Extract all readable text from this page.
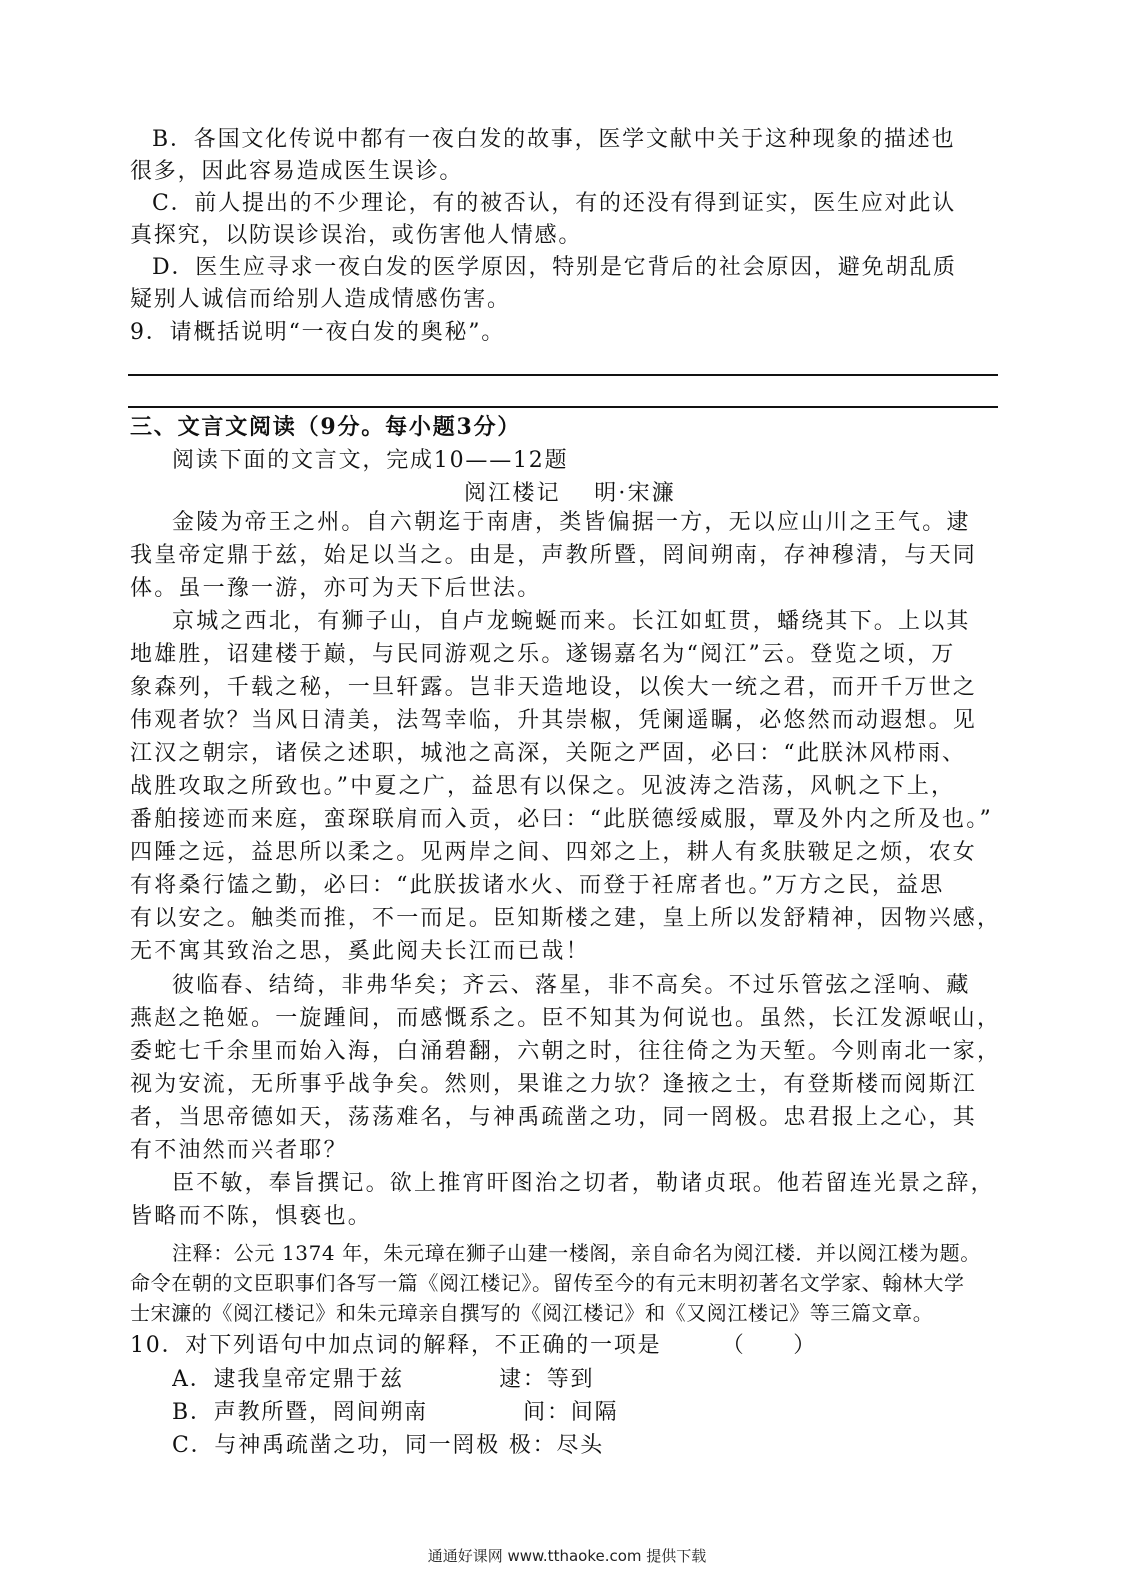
B．各国文化传说中都有一夜白发的故事，医学文献中关于这种现象的描述也
很多，因此容易造成医生误诊。
C．前人提出的不少理论，有的被否认，有的还没有得到证实，医生应对此认
真探究，以防误诊误治，或伤害他人情感。
D．医生应寻求一夜白发的医学原因，特别是它背后的社会原因，避免胡乱质
疑别人诚信而给别人造成情感伤害。
9．请概括说明“一夜白发的奥秘”。
三、文言文阅读（9分。每小题3分）
阅读下面的文言文，完成10——12题
阅江楼记　 明·宋濂
金陵为帝王之州。自六朝迄于南唐，类皆偏据一方，无以应山川之王气。逮
我皇帝定鼎于兹，始足以当之。由是，声教所暨，罔间朔南，存神穆清，与天同
体。虽一豫一游，亦可为天下后世法。
京城之西北，有狮子山，自卢龙蜿蜒而来。长江如虹贯，蟠绕其下。上以其
地雄胜，诏建楼于巅，与民同游观之乐。遂锡嘉名为“阅江”云。登览之顷，万
象森列，千载之秘，一旦轩露。岂非天造地设，以俟大一统之君，而开千万世之
伟观者欤？当风日清美，法驾幸临，升其崇椒，凭阑遥瞩，必悠然而动遐想。见
江汉之朝宗，诸侯之述职，城池之高深，关阨之严固，必曰：“此朕沐风栉雨、
战胜攻取之所致也。”中夏之广，益思有以保之。见波涛之浩荡，风帆之下上，
番舶接迹而来庭，蛮琛联肩而入贡，必曰：“此朕德绥威服，覃及外内之所及也。”
四陲之远，益思所以柔之。见两岸之间、四郊之上，耕人有炙肤皲足之烦，农女
有将桑行馌之勤，必曰：“此朕拔诸水火、而登于衽席者也。”万方之民，益思
有以安之。触类而推，不一而足。臣知斯楼之建，皇上所以发舒精神，因物兴感，
无不寓其致治之思，奚此阅夫长江而已哉！
彼临春、结绮，非弗华矣；齐云、落星，非不高矣。不过乐管弦之淫响、藏
燕赵之艳姬。一旋踵间，而感慨系之。臣不知其为何说也。虽然，长江发源岷山，
委蛇七千余里而始入海，白涌碧翻，六朝之时，往往倚之为天堑。今则南北一家，
视为安流，无所事乎战争矣。然则，果谁之力欤？逢掖之士，有登斯楼而阅斯江
者，当思帝德如天，荡荡难名，与神禹疏凿之功，同一罔极。忠君报上之心，其
有不油然而兴者耶？
臣不敏，奉旨撰记。欲上推宵旰图治之切者，勒诸贞珉。他若留连光景之辞，
皆略而不陈，惧亵也。
注释：公元 1374 年，朱元璋在狮子山建一楼阁，亲自命名为阅江楼．并以阅江楼为题。
命令在朝的文臣职事们各写一篇《阅江楼记》。留传至今的有元末明初著名文学家、翰林大学
士宋濂的《阅江楼记》和朱元璋亲自撰写的《阅江楼记》和《又阅江楼记》等三篇文章。
10．对下列语句中加点词的解释，不正确的一项是　　　（　　）
A．逮我皇帝定鼎于兹　　　　逮：等到
B．声教所暨，罔间朔南　　　　间：间隔
C．与神禹疏凿之功，同一罔极 极：尽头
通通好课网 www.tthaoke.com 提供下载
